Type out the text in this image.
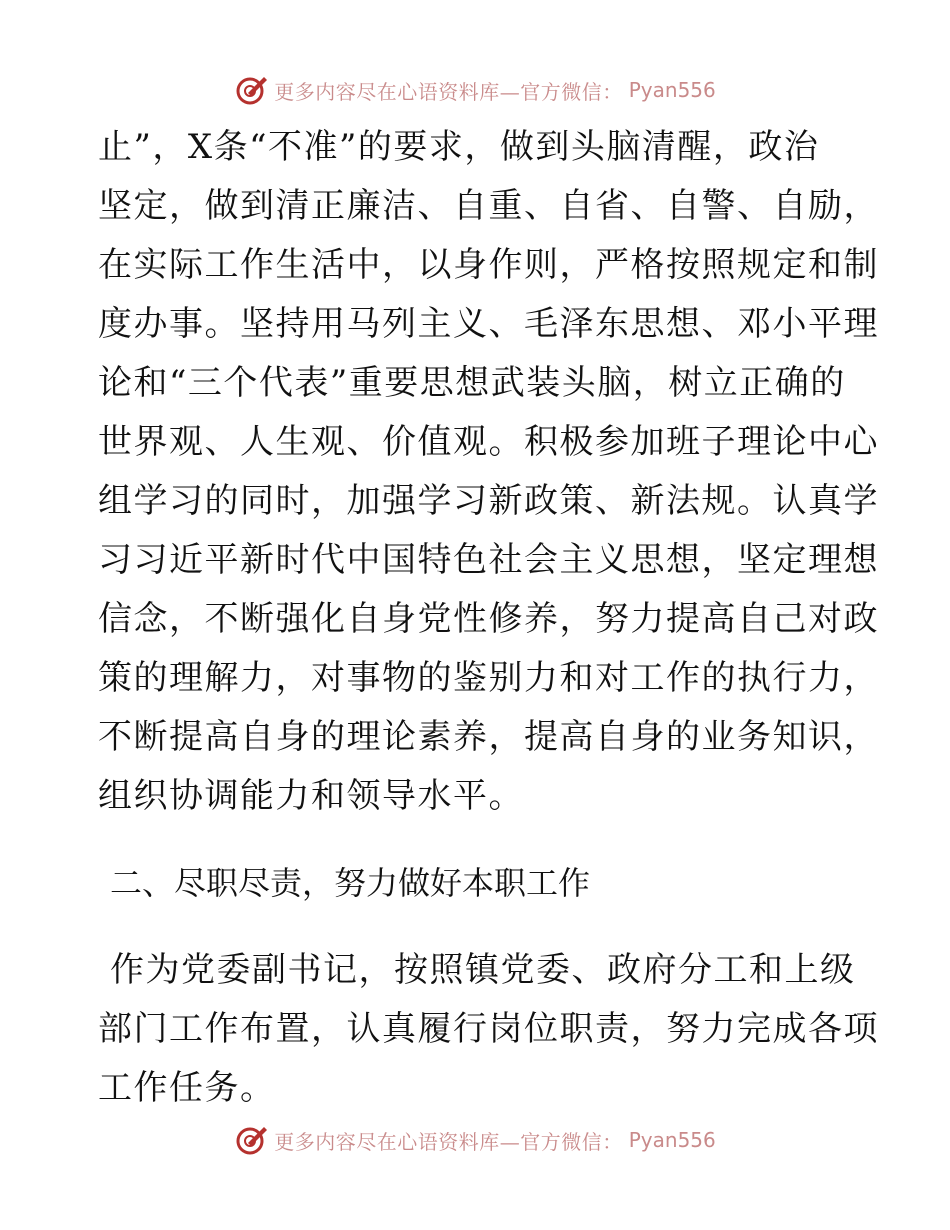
更多内容尽在心语资料库—官方微信： Pyan556
止”，X条“不准”的要求，做到头脑清醒，政治
坚定，做到清正廉洁、自重、自省、自警、自励，
在实际工作生活中，以身作则，严格按照规定和制
度办事。坚持用马列主义、毛泽东思想、邓小平理
论和“三个代表”重要思想武装头脑，树立正确的
世界观、人生观、价值观。积极参加班子理论中心
组学习的同时，加强学习新政策、新法规。认真学
习习近平新时代中国特色社会主义思想，坚定理想
信念，不断强化自身党性修养，努力提高自己对政
策的理解力，对事物的鉴别力和对工作的执行力，
不断提高自身的理论素养，提高自身的业务知识，
组织协调能力和领导水平。
二、尽职尽责，努力做好本职工作
作为党委副书记，按照镇党委、政府分工和上级
部门工作布置，认真履行岗位职责，努力完成各项
工作任务。
更多内容尽在心语资料库—官方微信： Pyan556
